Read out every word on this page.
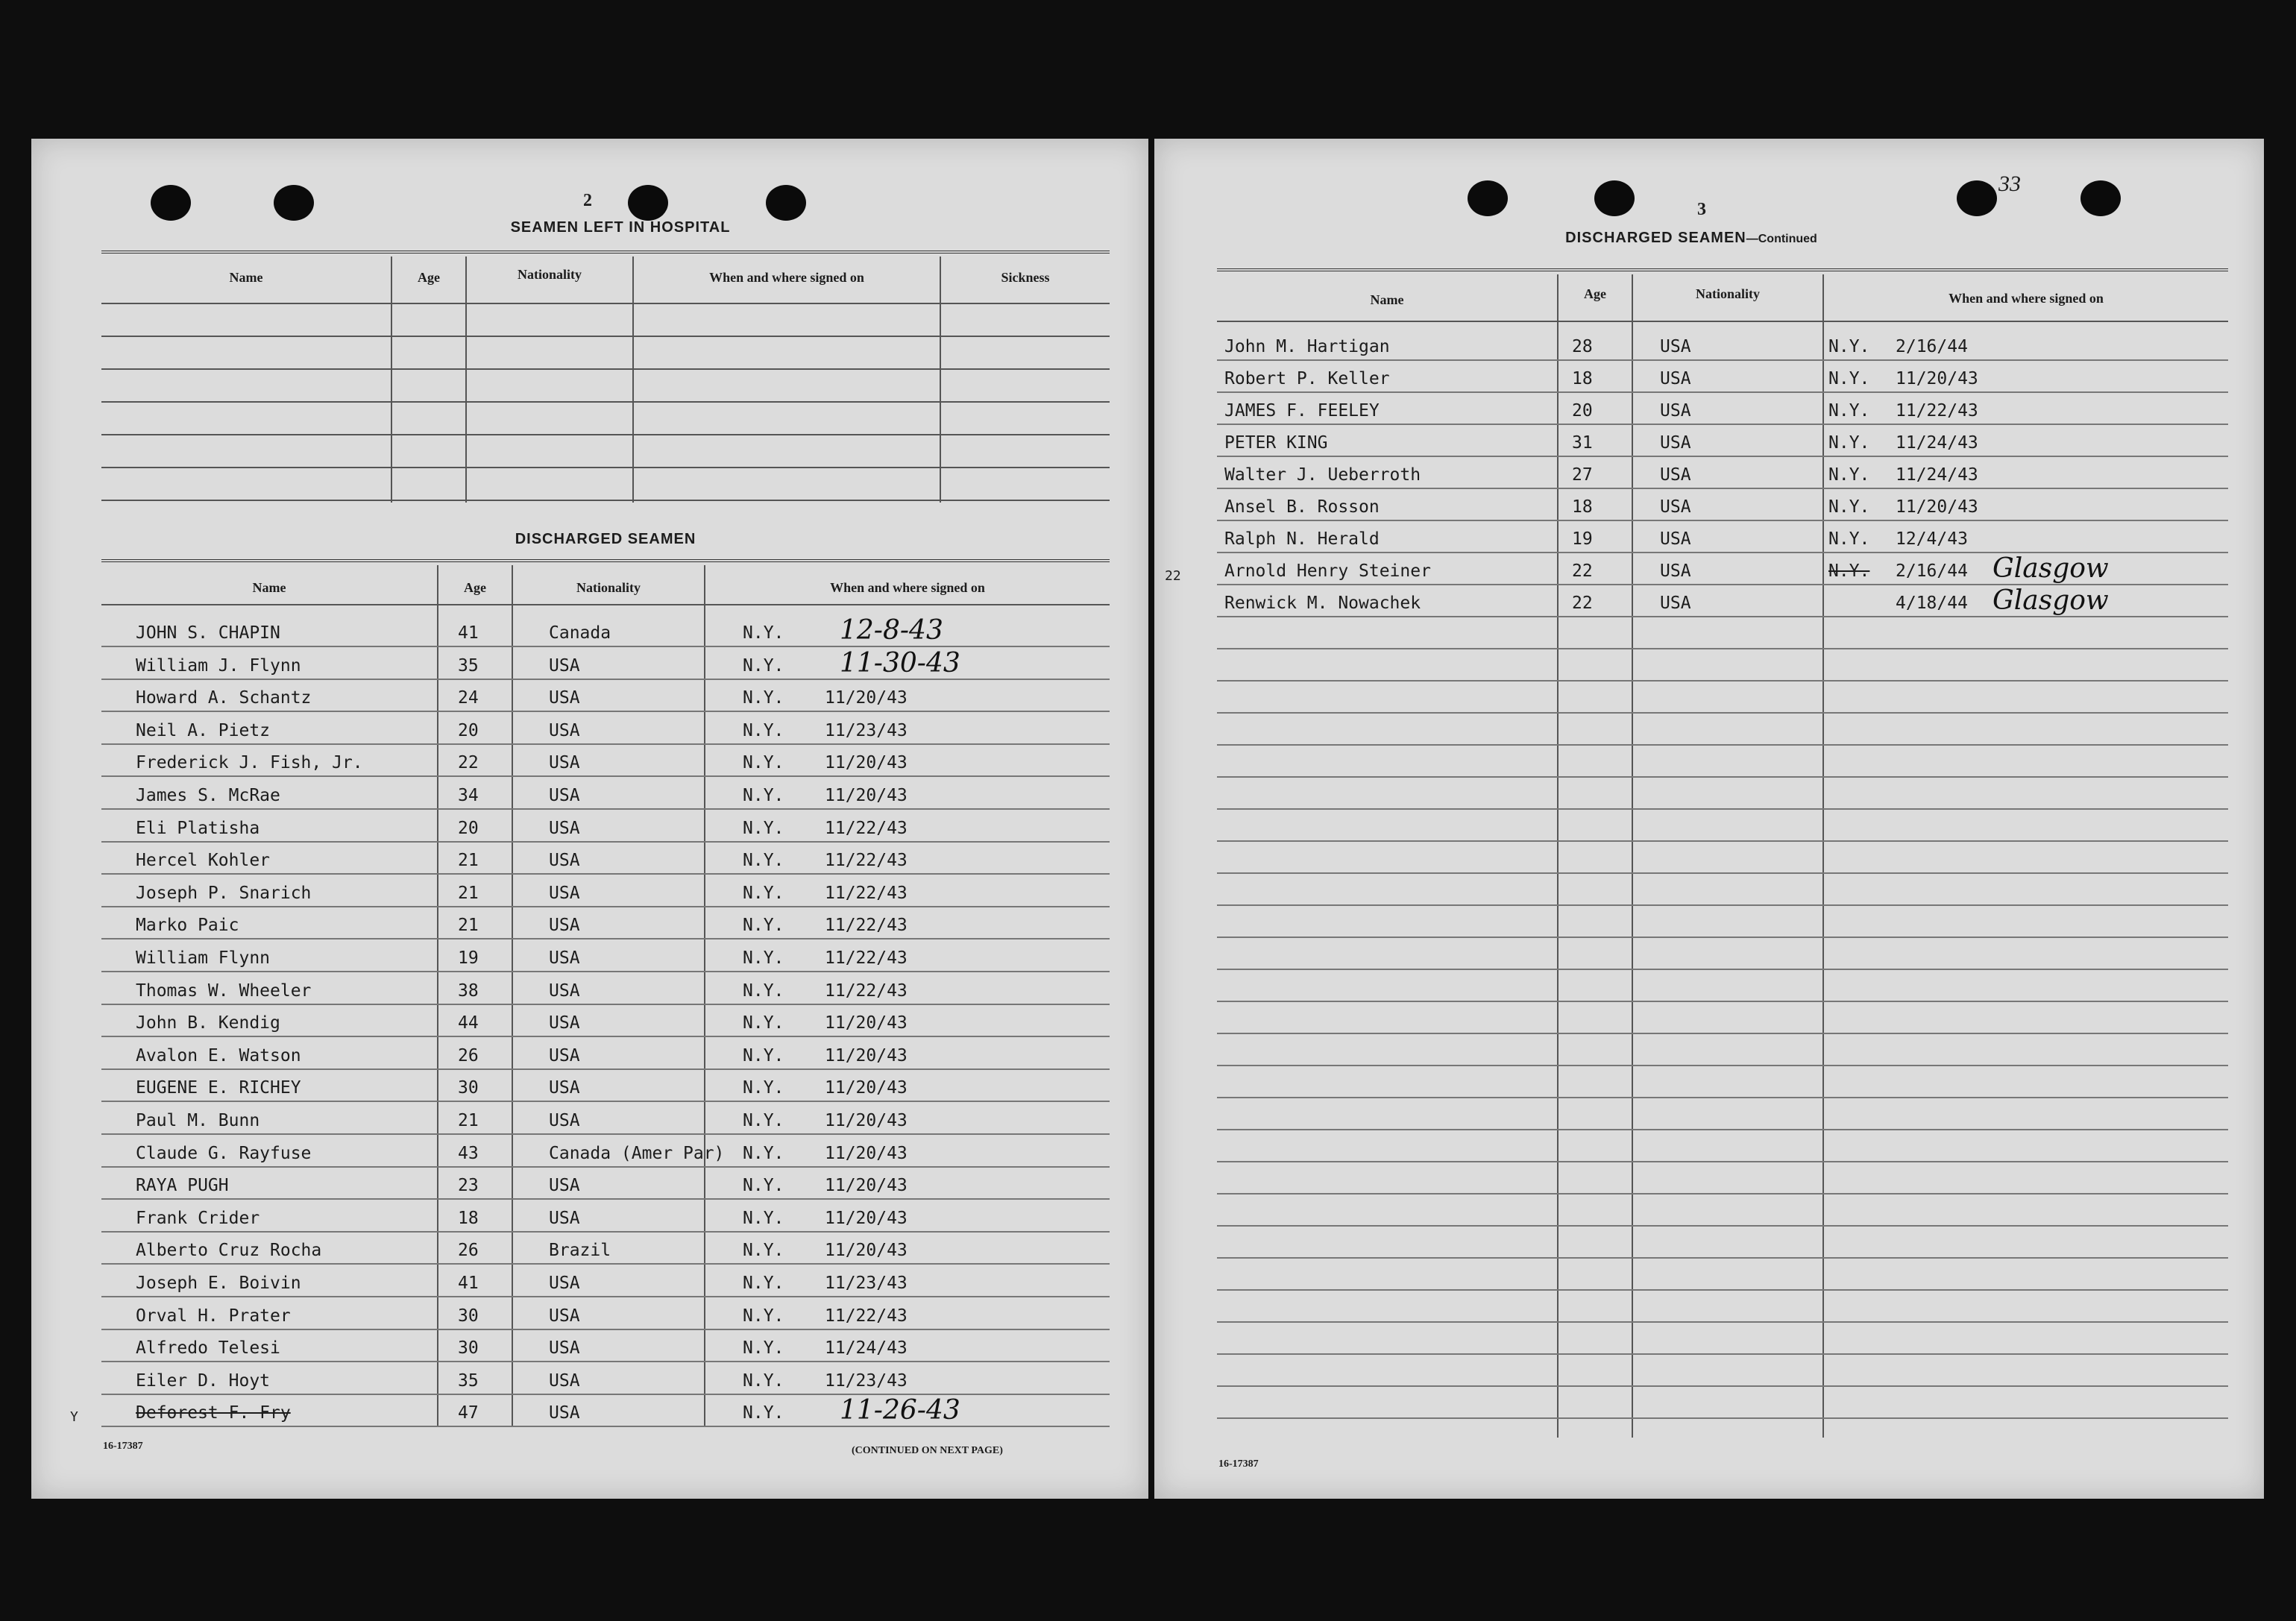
2
SEAMEN LEFT IN HOSPITAL
Name	Age	Nationality	When and where signed on	Sickness
DISCHARGED SEAMEN
Name	Age	Nationality	When and where signed on
JOHN S. CHAPIN	41	Canada	N.Y. 12-8-43
William J. Flynn	35	USA	N.Y. 11-30-43
Howard A. Schantz	24	USA	N.Y. 11/20/43
Neil A. Pietz	20	USA	N.Y. 11/23/43
Frederick J. Fish, Jr.	22	USA	N.Y. 11/20/43
James S. McRae	34	USA	N.Y. 11/20/43
Eli Platisha	20	USA	N.Y. 11/22/43
Hercel Kohler	21	USA	N.Y. 11/22/43
Joseph P. Snarich	21	USA	N.Y. 11/22/43
Marko Paic	21	USA	N.Y. 11/22/43
William Flynn	19	USA	N.Y. 11/22/43
Thomas W. Wheeler	38	USA	N.Y. 11/22/43
John B. Kendig	44	USA	N.Y. 11/20/43
Avalon E. Watson	26	USA	N.Y. 11/20/43
EUGENE E. RICHEY	30	USA	N.Y. 11/20/43
Paul M. Bunn	21	USA	N.Y. 11/20/43
Claude G. Rayfuse	43	Canada (Amer Par) N.Y. 11/20/43
RAYA PUGH	23	USA	N.Y. 11/20/43
Frank Crider	18	USA	N.Y. 11/20/43
Alberto Cruz Rocha	26	Brazil	N.Y. 11/20/43
Joseph E. Boivin	41	USA	N.Y. 11/23/43
Orval H. Prater	30	USA	N.Y. 11/22/43
Alfredo Telesi	30	USA	N.Y. 11/24/43
Eiler D. Hoyt	35	USA	N.Y. 11/23/43
Deforest F. Fry	47	USA	N.Y. 11-26-43
16-17387	(CONTINUED ON NEXT PAGE)
Y
3
33
DISCHARGED SEAMEN—Continued
Name	Age	Nationality	When and where signed on
John M. Hartigan	28	USA	N.Y. 2/16/44
Robert P. Keller	18	USA	N.Y. 11/20/43
JAMES F. FEELEY	20	USA	N.Y. 11/22/43
PETER KING	31	USA	N.Y. 11/24/43
Walter J. Ueberroth	27	USA	N.Y. 11/24/43
Ansel B. Rosson	18	USA	N.Y. 11/20/43
Ralph N. Herald	19	USA	N.Y. 12/4/43
Arnold Henry Steiner	22	USA	N.Y. 2/16/44 Glasgow
Renwick M. Nowachek	22	USA	4/18/44 Glasgow
16-17387
22
